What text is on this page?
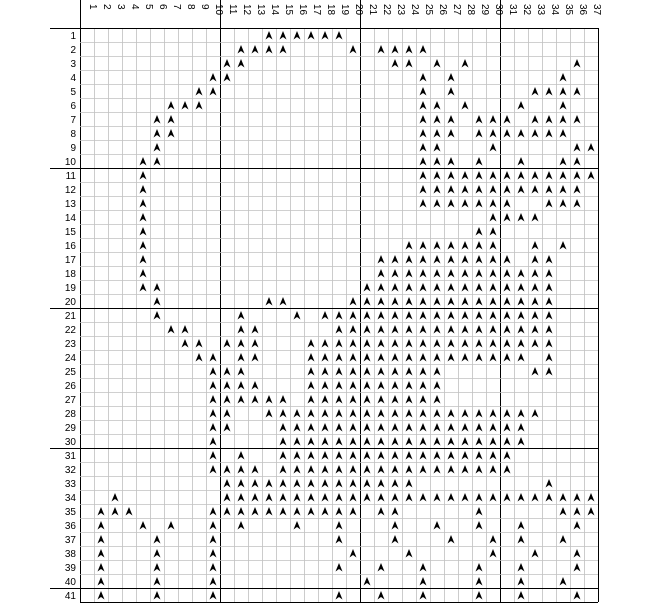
1 2 3 4 5 6 7 8 9 10 11 12 13 14 15 16 17 18 19 20 21 22 23 24 25 26 27 28 29 30 31 32 33 34 35 36 37
1
2
3
4
5
6
7
8
9
10
11
12
13
14
15
16
17
18
19
20
21
22
23
24
25
26
27
28
29
30
31
32
33
34
35
36
37
38
39
40
41
